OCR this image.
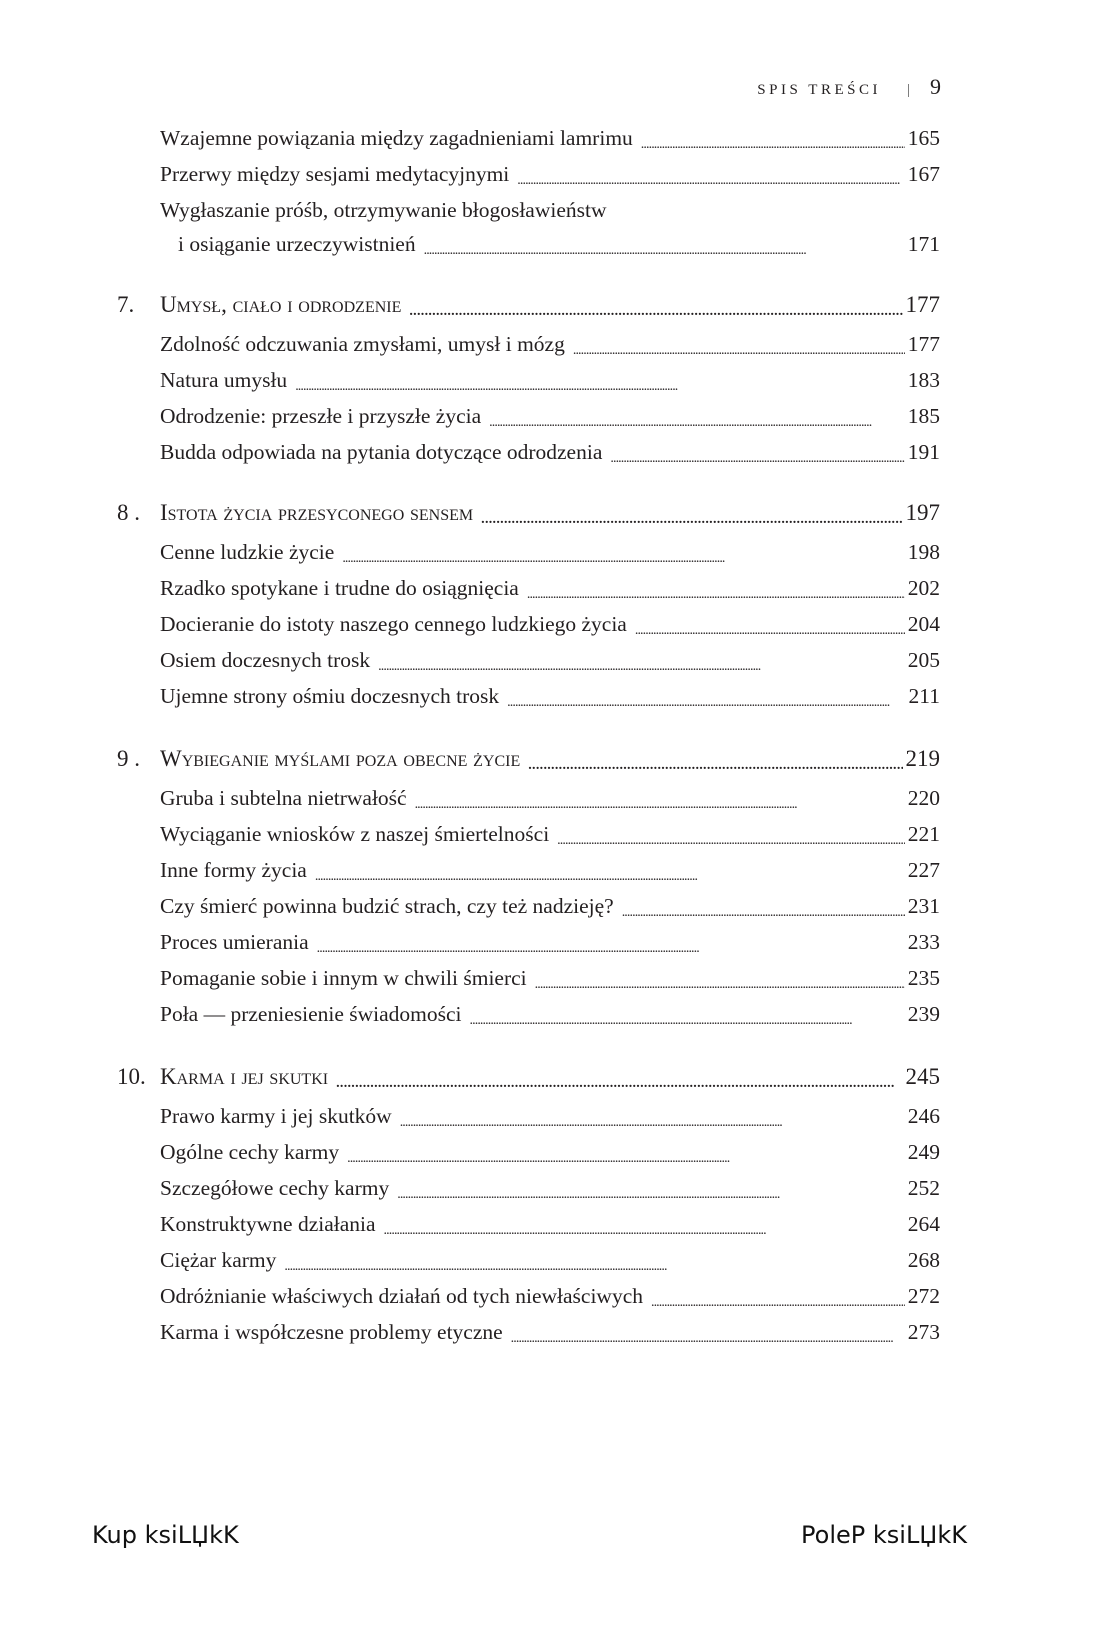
SPIS TREŚCI | 9
Wzajemne powiązania między zagadnieniami lamrimu . . .	165
Przerwy między sesjami medytacyjnymi . . .	167
Wygłaszanie próśb, otrzymywanie błogosławieństw
i osiąganie urzeczywistnień . . .	171
7. Umysł, ciało i odrodzenie . . .	177
Zdolność odczuwania zmysłami, umysł i mózg . . .	177
Natura umysłu . . .	183
Odrodzenie: przeszłe i przyszłe życia . . .	185
Budda odpowiada na pytania dotyczące odrodzenia . . .	191
8 . Istota życia przesyconego sensem . . .	197
Cenne ludzkie życie . . .	198
Rzadko spotykane i trudne do osiągnięcia . . .	202
Docieranie do istoty naszego cennego ludzkiego życia . . .	204
Osiem doczesnych trosk . . .	205
Ujemne strony ośmiu doczesnych trosk . . .	211
9 . Wybieganie myślami poza obecne życie . . .	219
Gruba i subtelna nietrwałość . . .	220
Wyciąganie wniosków z naszej śmiertelności . . .	221
Inne formy życia . . .	227
Czy śmierć powinna budzić strach, czy też nadzieję? . . .	231
Proces umierania . . .	233
Pomaganie sobie i innym w chwili śmierci . . .	235
Poła — przeniesienie świadomości . . .	239
10. Karma i jej skutki . . .	245
Prawo karmy i jej skutków . . .	246
Ogólne cechy karmy . . .	249
Szczegółowe cechy karmy . . .	252
Konstruktywne działania . . .	264
Ciężar karmy . . .	268
Odróżnianie właściwych działań od tych niewłaściwych . . .	272
Karma i współczesne problemy etyczne . . .	273
Kup ksiLЏkK	PoleP ksiLЏkK
